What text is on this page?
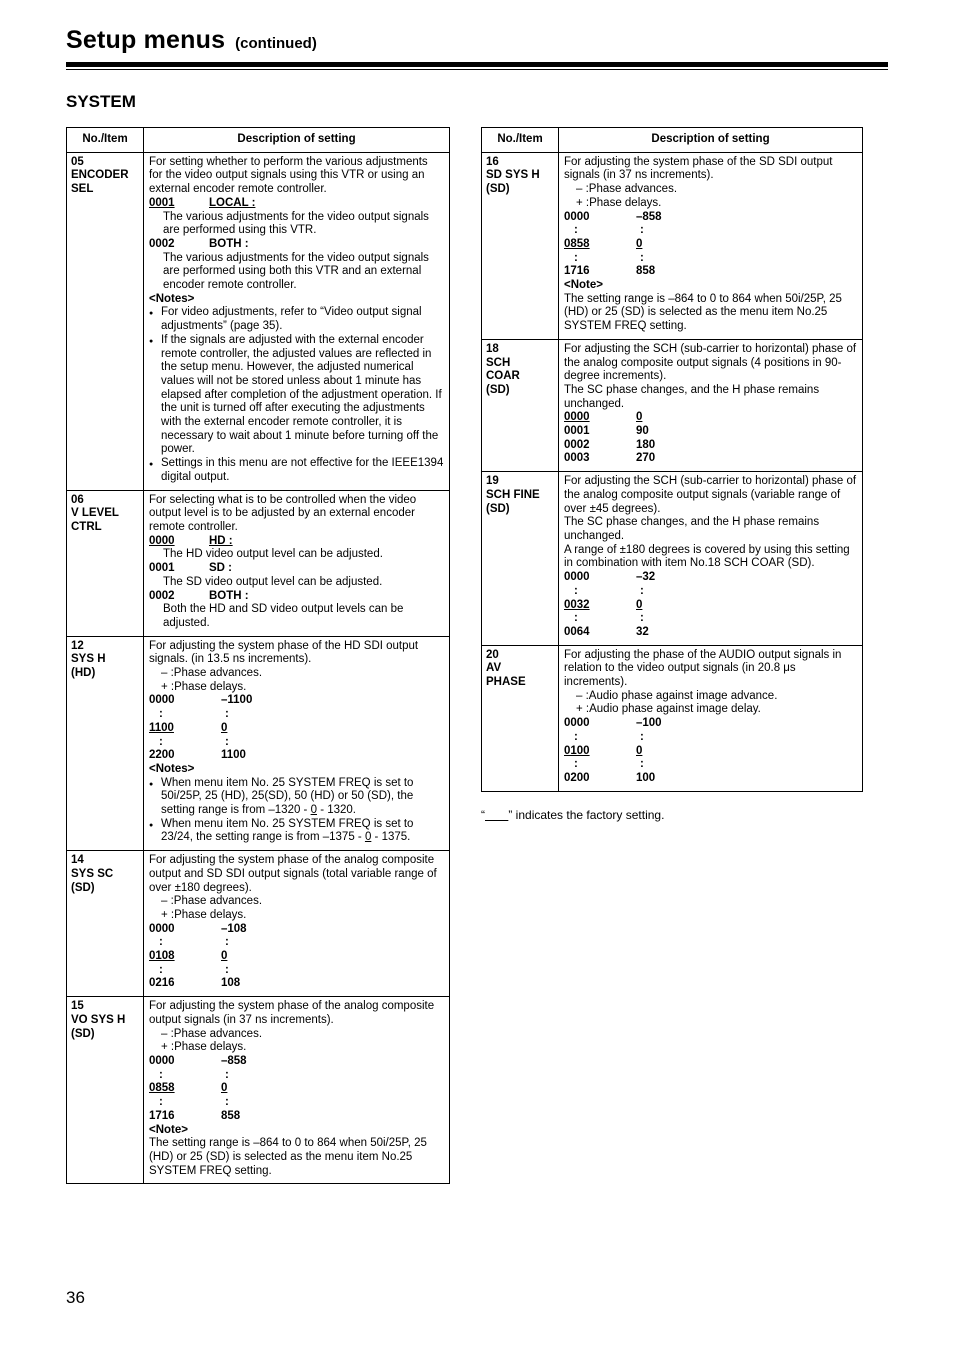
Setup menus (continued)
SYSTEM
No./Item	Description of setting

05
ENCODER
SEL

For setting whether to perform the various adjustments for the video output signals using this VTR or using an external encoder remote controller.
0001	LOCAL :
The various adjustments for the video output signals are performed using this VTR.
0002	BOTH :
The various adjustments for the video output signals are performed using both this VTR and an external encoder remote controller.
<Notes>
● For video adjustments, refer to “Video output signal adjustments” (page 35).
● If the signals are adjusted with the external encoder remote controller, the adjusted values are reflected in the setup menu. However, the adjusted numerical values will not be stored unless about 1 minute has elapsed after completion of the adjustment operation. If the unit is turned off after executing the adjustments with the external encoder remote controller, it is necessary to wait about 1 minute before turning off the power.
● Settings in this menu are not effective for the IEEE1394 digital output.

06
V LEVEL
CTRL

For selecting what is to be controlled when the video output level is to be adjusted by an external encoder remote controller.
0000	HD :
The HD video output level can be adjusted.
0001	SD :
The SD video output level can be adjusted.
0002	BOTH :
Both the HD and SD video output levels can be adjusted.

12
SYS H
(HD)

For adjusting the system phase of the HD SDI output signals. (in 13.5 ns increments).
– :Phase advances.
+ :Phase delays.
0000	–1100
:	:
1100	0
:	:
2200	1100
<Notes>
● When menu item No. 25 SYSTEM FREQ is set to 50i/25P, 25 (HD), 25(SD), 50 (HD) or 50 (SD), the setting range is from –1320 - 0 - 1320.
● When menu item No. 25 SYSTEM FREQ is set to 23/24, the setting range is from –1375 - 0 - 1375.

14
SYS SC
(SD)

For adjusting the system phase of the analog composite output and SD SDI output signals (total variable range of over ±180 degrees).
– :Phase advances.
+ :Phase delays.
0000	–108
:	:
0108	0
:	:
0216	108

15
VO SYS H
(SD)

For adjusting the system phase of the analog composite output signals (in 37 ns increments).
– :Phase advances.
+ :Phase delays.
0000	–858
:	:
0858	0
:	:
1716	858
<Note>
The setting range is –864 to 0 to 864 when 50i/25P, 25 (HD) or 25 (SD) is selected as the menu item No.25 SYSTEM FREQ setting.
No./Item	Description of setting

16
SD SYS H
(SD)

For adjusting the system phase of the SD SDI output signals (in 37 ns increments).
– :Phase advances.
+ :Phase delays.
0000	–858
:	:
0858	0
:	:
1716	858
<Note>
The setting range is –864 to 0 to 864 when 50i/25P, 25 (HD) or 25 (SD) is selected as the menu item No.25 SYSTEM FREQ setting.

18
SCH
COAR
(SD)

For adjusting the SCH (sub-carrier to horizontal) phase of the analog composite output signals (4 positions in 90-degree increments).
The SC phase changes, and the H phase remains unchanged.
0000	0
0001	90
0002	180
0003	270

19
SCH FINE
(SD)

For adjusting the SCH (sub-carrier to horizontal) phase of the analog composite output signals (variable range of over ±45 degrees).
The SC phase changes, and the H phase remains unchanged.
A range of ±180 degrees is covered by using this setting in combination with item No.18 SCH COAR (SD).
0000	–32
:	:
0032	0
:	:
0064	32

20
AV
PHASE

For adjusting the phase of the AUDIO output signals in relation to the video output signals (in 20.8 μs increments).
– :Audio phase against image advance.
+ :Audio phase against image delay.
0000	–100
:	:
0100	0
:	:
0200	100
“ ” indicates the factory setting.
36
